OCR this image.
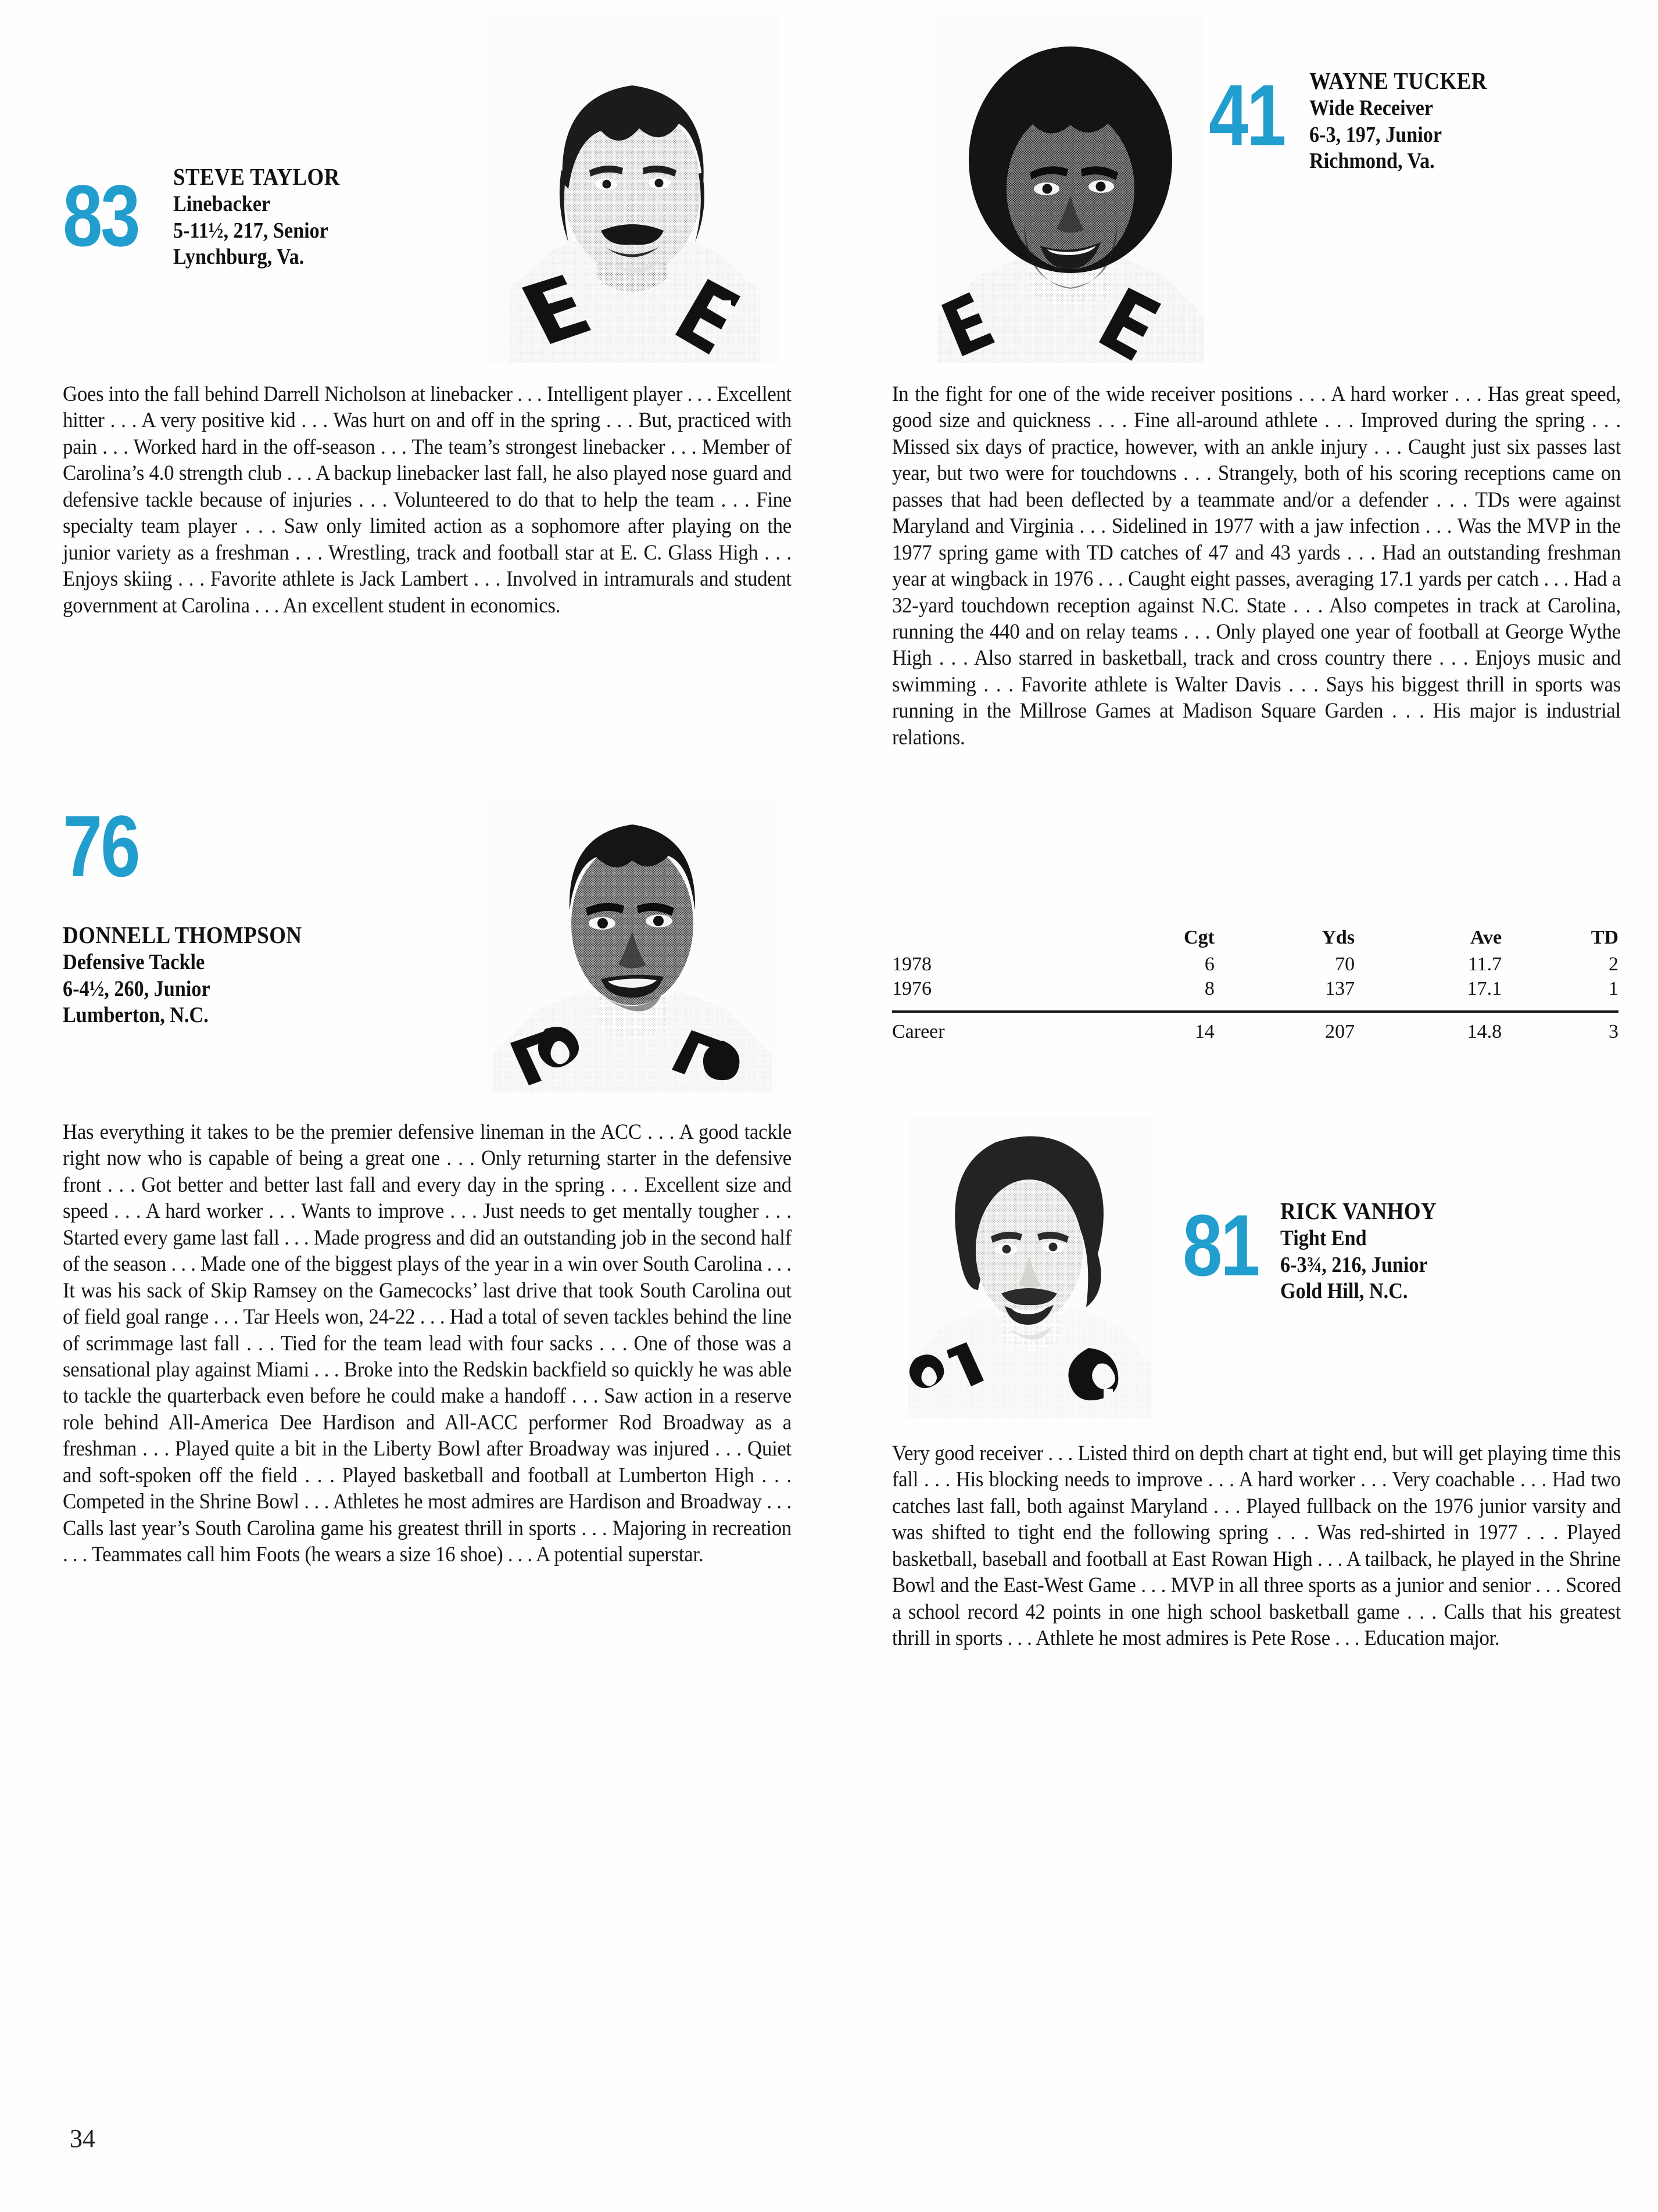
83 STEVE TAYLOR
Linebacker
5-11½, 217, Senior
Lynchburg, Va.
Goes into the fall behind Darrell Nicholson at linebacker . . . Intelligent player . . . Excellent hitter . . . A very positive kid . . . Was hurt on and off in the spring . . . But, practiced with pain . . . Worked hard in the off-season . . . The team’s strongest linebacker . . . Member of Carolina’s 4.0 strength club . . . A backup linebacker last fall, he also played nose guard and defensive tackle because of injuries . . . Volunteered to do that to help the team . . . Fine specialty team player . . . Saw only limited action as a sophomore after playing on the junior variety as a freshman . . . Wrestling, track and football star at E. C. Glass High . . . Enjoys skiing . . . Favorite athlete is Jack Lambert . . . Involved in intramurals and student government at Carolina . . . An excellent student in economics.
76
DONNELL THOMPSON
Defensive Tackle
6-4½, 260, Junior
Lumberton, N.C.
Has everything it takes to be the premier defensive lineman in the ACC . . . A good tackle right now who is capable of being a great one . . . Only returning starter in the defensive front . . . Got better and better last fall and every day in the spring . . . Excellent size and speed . . . A hard worker . . . Wants to improve . . . Just needs to get mentally tougher . . . Started every game last fall . . . Made progress and did an outstanding job in the second half of the season . . . Made one of the biggest plays of the year in a win over South Carolina . . . It was his sack of Skip Ramsey on the Gamecocks’ last drive that took South Carolina out of field goal range . . . Tar Heels won, 24-22 . . . Had a total of seven tackles behind the line of scrimmage last fall . . . Tied for the team lead with four sacks . . . One of those was a sensational play against Miami . . . Broke into the Redskin backfield so quickly he was able to tackle the quarterback even before he could make a handoff . . . Saw action in a reserve role behind All-America Dee Hardison and All-ACC performer Rod Broadway as a freshman . . . Played quite a bit in the Liberty Bowl after Broadway was injured . . . Quiet and soft-spoken off the field . . . Played basketball and football at Lumberton High . . . Competed in the Shrine Bowl . . . Athletes he most admires are Hardison and Broadway . . . Calls last year’s South Carolina game his greatest thrill in sports . . . Majoring in recreation . . . Teammates call him Foots (he wears a size 16 shoe) . . . A potential superstar.
41 WAYNE TUCKER
Wide Receiver
6-3, 197, Junior
Richmond, Va.
In the fight for one of the wide receiver positions . . . A hard worker . . . Has great speed, good size and quickness . . . Fine all-around athlete . . . Improved during the spring . . . Missed six days of practice, however, with an ankle injury . . . Caught just six passes last year, but two were for touchdowns . . . Strangely, both of his scoring receptions came on passes that had been deflected by a teammate and/or a defender . . . TDs were against Maryland and Virginia . . . Sidelined in 1977 with a jaw infection . . . Was the MVP in the 1977 spring game with TD catches of 47 and 43 yards . . . Had an outstanding freshman year at wingback in 1976 . . . Caught eight passes, averaging 17.1 yards per catch . . . Had a 32-yard touchdown reception against N.C. State . . . Also competes in track at Carolina, running the 440 and on relay teams . . . Only played one year of football at George Wythe High . . . Also starred in basketball, track and cross country there . . . Enjoys music and swimming . . . Favorite athlete is Walter Davis . . . Says his biggest thrill in sports was running in the Millrose Games at Madison Square Garden . . . His major is industrial relations.
	Cgt	Yds	Ave	TD
1978	6	70	11.7	2
1976	8	137	17.1	1

Career	14	207	14.8	3
81 RICK VANHOY
Tight End
6-3¾, 216, Junior
Gold Hill, N.C.
Very good receiver . . . Listed third on depth chart at tight end, but will get playing time this fall . . . His blocking needs to improve . . . A hard worker . . . Very coachable . . . Had two catches last fall, both against Maryland . . . Played fullback on the 1976 junior varsity and was shifted to tight end the following spring . . . Was red-shirted in 1977 . . . Played basketball, baseball and football at East Rowan High . . . A tailback, he played in the Shrine Bowl and the East-West Game . . . MVP in all three sports as a junior and senior . . . Scored a school record 42 points in one high school basketball game . . . Calls that his greatest thrill in sports . . . Athlete he most admires is Pete Rose . . . Education major.
34
